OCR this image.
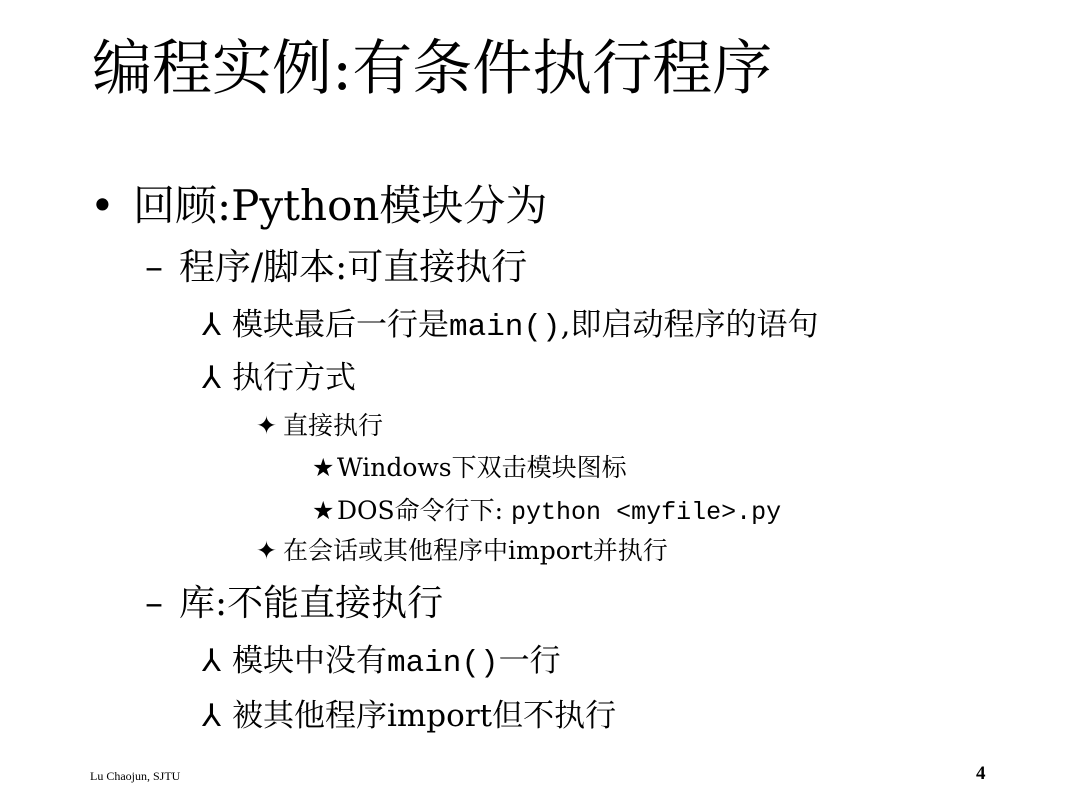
编程实例:有条件执行程序
• 回顾:Python模块分为
– 程序/脚本:可直接执行
⅄ 模块最后一行是main(),即启动程序的语句
⅄ 执行方式
✦ 直接执行
★ Windows下双击模块图标
★ DOS命令行下: python <myfile>.py
✦ 在会话或其他程序中import并执行
– 库:不能直接执行
⅄ 模块中没有main()一行
⅄ 被其他程序import但不执行
Lu Chaojun, SJTU	4
